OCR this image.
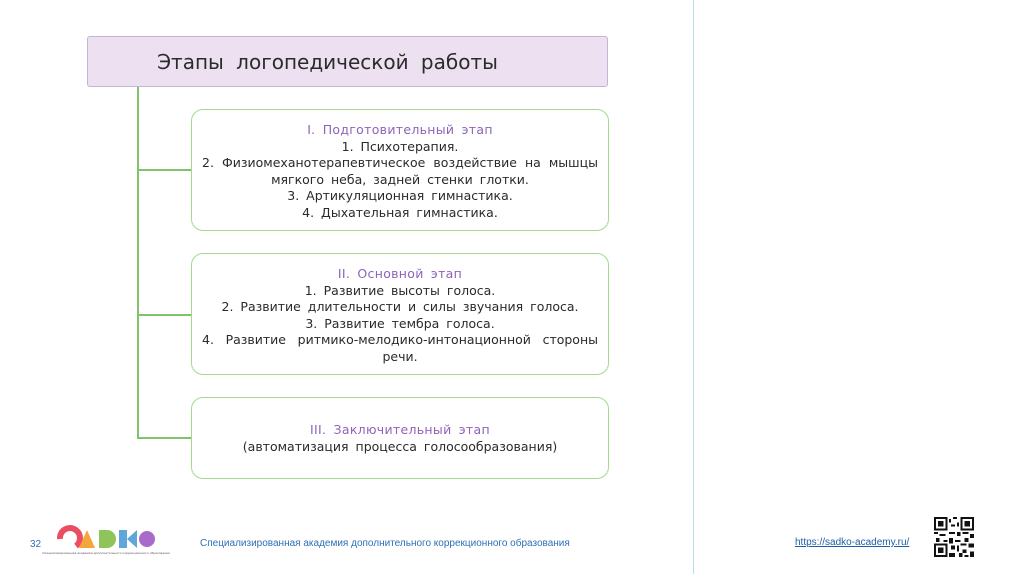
Этапы логопедической работы
I. Подготовительный этап
1. Психотерапия.
2. Физиомеханотерапевтическое воздействие на мышцы
мягкого неба, задней стенки глотки.
3. Артикуляционная гимнастика.
4. Дыхательная гимнастика.
II. Основной этап
1. Развитие высоты голоса.
2. Развитие длительности и силы звучания голоса.
3. Развитие тембра голоса.
4. Развитие ритмико-мелодико-интонационной стороны
речи.
III. Заключительный этап
(автоматизация процесса голосообразования)
32
Специализированная академия дополнительного коррекционного образования
Специализированная академия дополнительного коррекционного образования	https://sadko-academy.ru/
